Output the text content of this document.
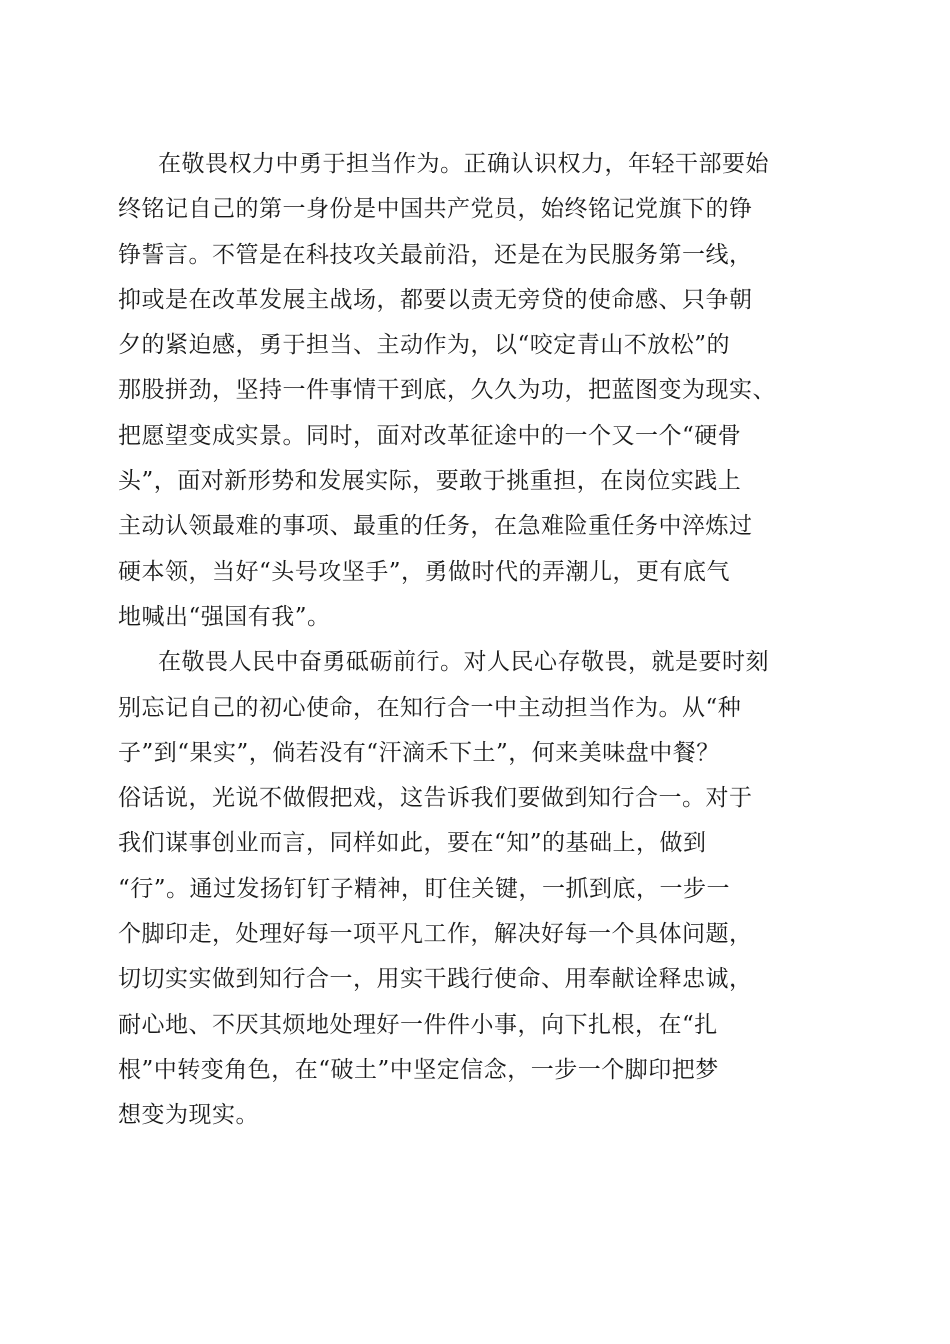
在敬畏权力中勇于担当作为。正确认识权力，年轻干部要始
终铭记自己的第一身份是中国共产党员，始终铭记党旗下的铮
铮誓言。不管是在科技攻关最前沿，还是在为民服务第一线，
抑或是在改革发展主战场，都要以责无旁贷的使命感、只争朝
夕的紧迫感，勇于担当、主动作为，以“咬定青山不放松”的
那股拼劲，坚持一件事情干到底，久久为功，把蓝图变为现实、
把愿望变成实景。同时，面对改革征途中的一个又一个“硬骨
头”，面对新形势和发展实际，要敢于挑重担，在岗位实践上
主动认领最难的事项、最重的任务，在急难险重任务中淬炼过
硬本领，当好“头号攻坚手”，勇做时代的弄潮儿，更有底气
地喊出“强国有我”。
在敬畏人民中奋勇砥砺前行。对人民心存敬畏，就是要时刻
别忘记自己的初心使命，在知行合一中主动担当作为。从“种
子”到“果实”，倘若没有“汗滴禾下土”，何来美味盘中餐？
俗话说，光说不做假把戏，这告诉我们要做到知行合一。对于
我们谋事创业而言，同样如此，要在“知”的基础上，做到
“行”。通过发扬钉钉子精神，盯住关键，一抓到底，一步一
个脚印走，处理好每一项平凡工作，解决好每一个具体问题，
切切实实做到知行合一，用实干践行使命、用奉献诠释忠诚，
耐心地、不厌其烦地处理好一件件小事，向下扎根，在“扎
根”中转变角色，在“破土”中坚定信念，一步一个脚印把梦
想变为现实。
